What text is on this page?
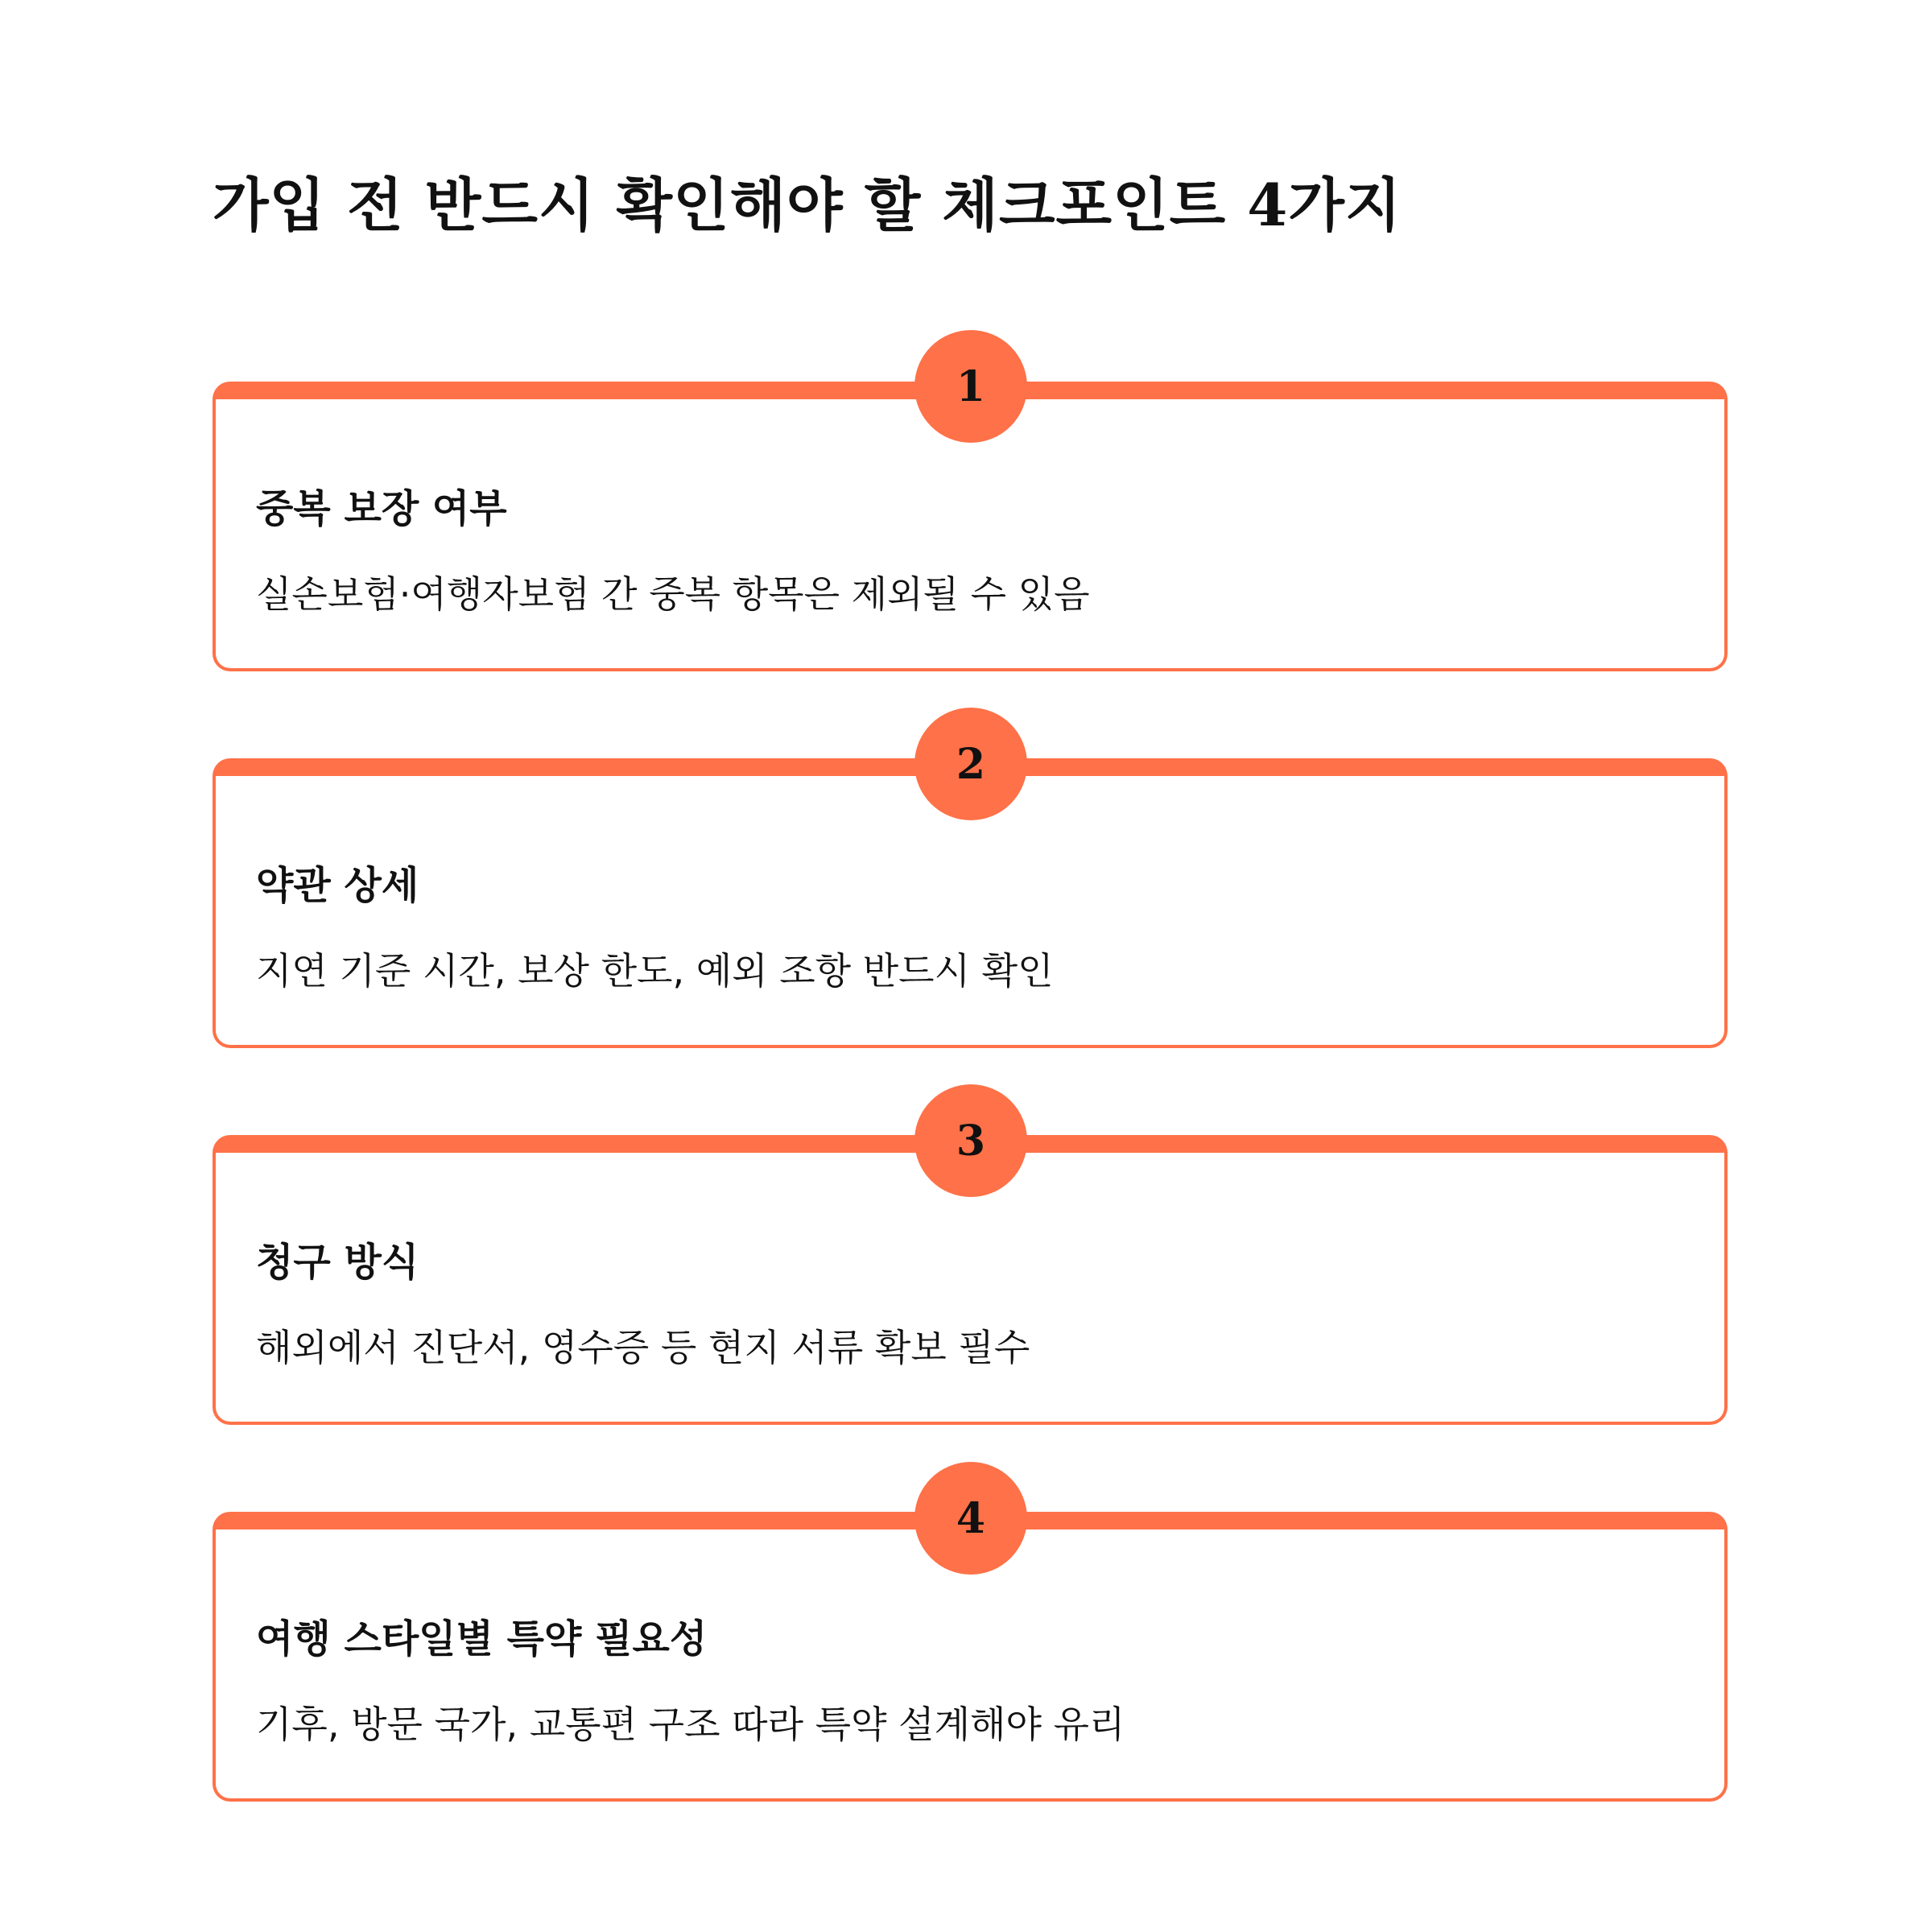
가입 전 반드시 확인해야 할 체크포인트 4가지
중복 보장 여부

실손보험·여행자보험 간 중복 항목은 제외될 수 있음

1
약관 상세

지연 기준 시간, 보상 한도, 예외 조항 반드시 확인

2
청구 방식

해외에서 진단서, 영수증 등 현지 서류 확보 필수

3
여행 스타일별 특약 필요성

기후, 방문 국가, 교통편 구조 따라 특약 설계해야 유리

4
